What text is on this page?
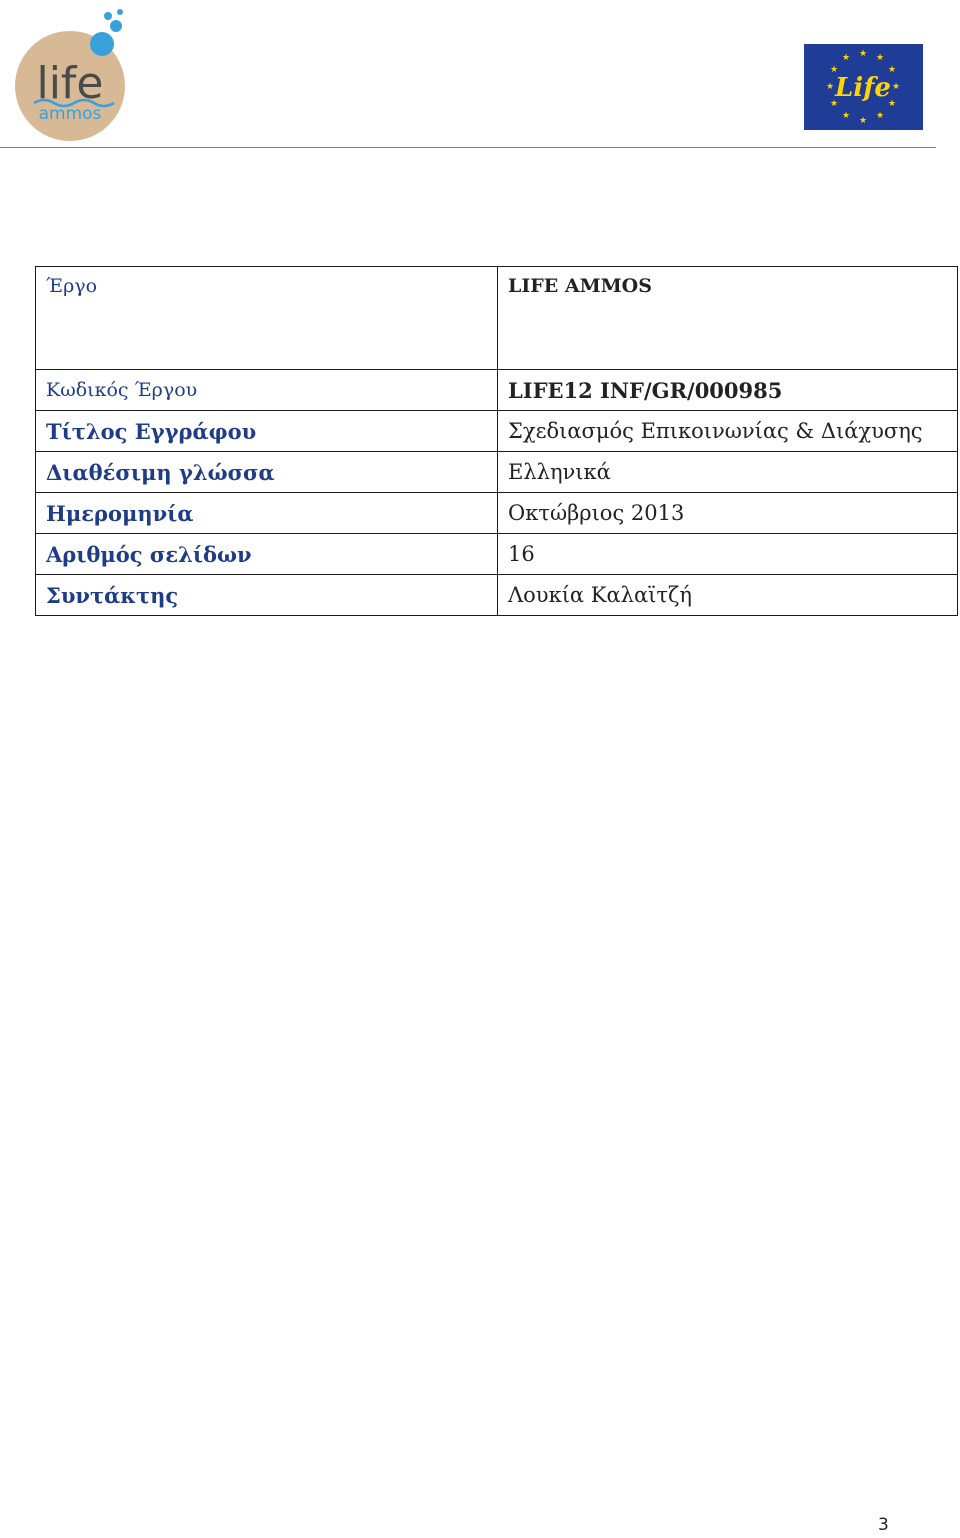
life
ammos
★ ★
★
★
★
★
★
★
★
★
★
★
Life
Έργο	LIFE AMMOS
Κωδικός Έργου	LIFE12 INF/GR/000985
Τίτλος Εγγράφου	Σχεδιασμός Επικοινωνίας & Διάχυσης
Διαθέσιμη γλώσσα	Ελληνικά
Ημερομηνία	Οκτώβριος 2013
Αριθμός σελίδων	16
Συντάκτης	Λουκία Καλαϊτζή
3
